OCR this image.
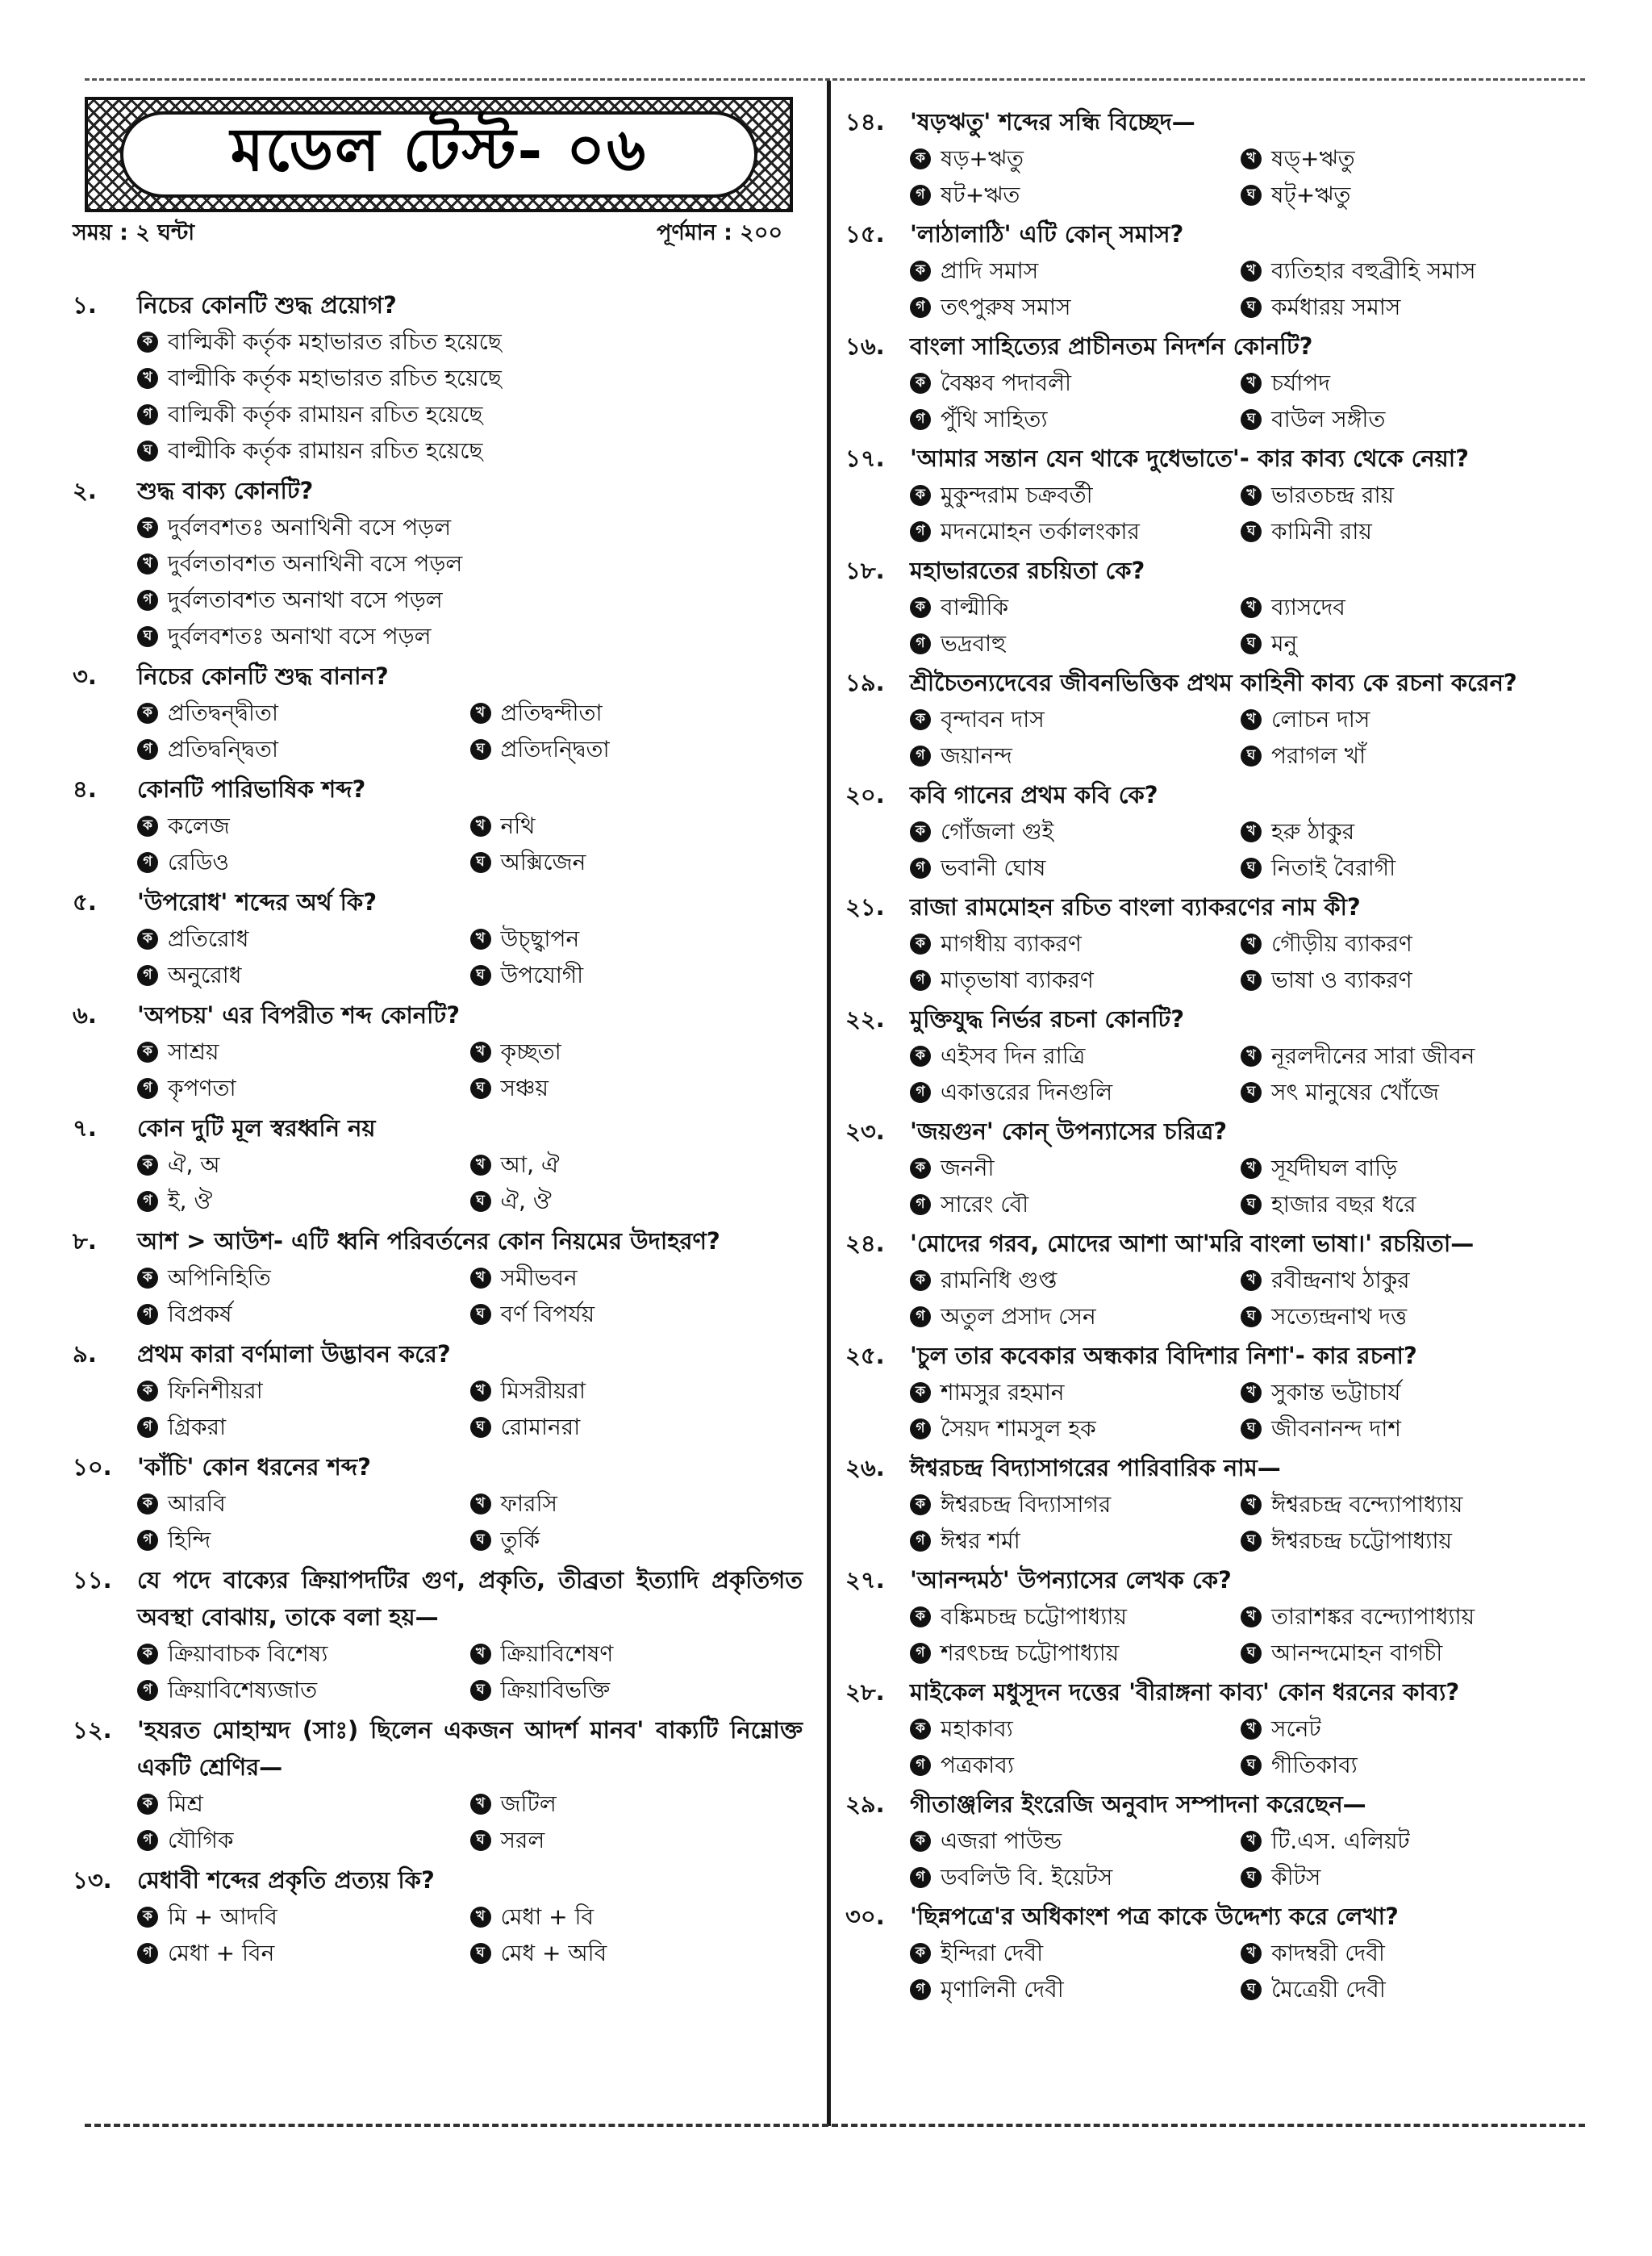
মডেল টেস্ট- ০৬
সময় : ২ ঘন্টা	পূর্ণমান : ২০০
১.	নিচের কোনটি শুদ্ধ প্রয়োগ?
ক বাল্মিকী কর্তৃক মহাভারত রচিত হয়েছে
খ বাল্মীকি কর্তৃক মহাভারত রচিত হয়েছে
গ বাল্মিকী কর্তৃক রামায়ন রচিত হয়েছে
ঘ বাল্মীকি কর্তৃক রামায়ন রচিত হয়েছে
২.	শুদ্ধ বাক্য কোনটি?
ক দুর্বলবশতঃ অনাথিনী বসে পড়ল
খ দুর্বলতাবশত অনাথিনী বসে পড়ল
গ দুর্বলতাবশত অনাথা বসে পড়ল
ঘ দুর্বলবশতঃ অনাথা বসে পড়ল
৩.	নিচের কোনটি শুদ্ধ বানান?
ক প্রতিদ্বন্দ্বীতা	খ প্রতিদ্বন্দীতা
গ প্রতিদ্বন্দ্বিতা	ঘ প্রতিদন্দ্বিতা
৪.	কোনটি পারিভাষিক শব্দ?
ক কলেজ	খ নথি
গ রেডিও	ঘ অক্সিজেন
৫.	'উপরোধ' শব্দের অর্থ কি?
ক প্রতিরোধ	খ উচ্ছ্বাপন
গ অনুরোধ	ঘ উপযোগী
৬.	'অপচয়' এর বিপরীত শব্দ কোনটি?
ক সাশ্রয়	খ কৃচ্ছতা
গ কৃপণতা	ঘ সঞ্চয়
৭.	কোন দুটি মূল স্বরধ্বনি নয়
ক ঐ, অ	খ আ, ঐ
গ ই, ঔ	ঘ ঐ, ঔ
৮.	আশ > আউশ- এটি ধ্বনি পরিবর্তনের কোন নিয়মের উদাহরণ?
ক অপিনিহিতি	খ সমীভবন
গ বিপ্রকর্ষ	ঘ বর্ণ বিপর্যয়
৯.	প্রথম কারা বর্ণমালা উদ্ভাবন করে?
ক ফিনিশীয়রা	খ মিসরীয়রা
গ গ্রিকরা	ঘ রোমানরা
১০.	'কাঁচি' কোন ধরনের শব্দ?
ক আরবি	খ ফারসি
গ হিন্দি	ঘ তুর্কি
১১.	যে পদে বাক্যের ক্রিয়াপদটির গুণ, প্রকৃতি, তীব্রতা ইত্যাদি প্রকৃতিগত অবস্থা বোঝায়, তাকে বলা হয়—
ক ক্রিয়াবাচক বিশেষ্য	খ ক্রিয়াবিশেষণ
গ ক্রিয়াবিশেষ্যজাত	ঘ ক্রিয়াবিভক্তি
১২.	'হযরত মোহাম্মদ (সাঃ) ছিলেন একজন আদর্শ মানব' বাক্যটি নিম্নোক্ত একটি শ্রেণির—
ক মিশ্র	খ জটিল
গ যৌগিক	ঘ সরল
১৩.	মেধাবী শব্দের প্রকৃতি প্রত্যয় কি?
ক মি + আদবি	খ মেধা + বি
গ মেধা + বিন	ঘ মেধ + অবি
১৪.	'ষড়ঋতু' শব্দের সন্ধি বিচ্ছেদ—
ক ষড়+ঋতু	খ ষড্+ঋতু
গ ষট+ঋত	ঘ ষট্+ঋতু
১৫.	'লাঠালাঠি' এটি কোন্ সমাস?
ক প্রাদি সমাস	খ ব্যতিহার বহুব্রীহি সমাস
গ তৎপুরুষ সমাস	ঘ কর্মধারয় সমাস
১৬.	বাংলা সাহিত্যের প্রাচীনতম নিদর্শন কোনটি?
ক বৈষ্ণব পদাবলী	খ চর্যাপদ
গ পুঁথি সাহিত্য	ঘ বাউল সঙ্গীত
১৭.	'আমার সন্তান যেন থাকে দুধেভাতে'- কার কাব্য থেকে নেয়া?
ক মুকুন্দরাম চক্রবর্তী	খ ভারতচন্দ্র রায়
গ মদনমোহন তর্কালংকার	ঘ কামিনী রায়
১৮.	মহাভারতের রচয়িতা কে?
ক বাল্মীকি	খ ব্যাসদেব
গ ভদ্রবাহু	ঘ মনু
১৯.	শ্রীচৈতন্যদেবের জীবনভিত্তিক প্রথম কাহিনী কাব্য কে রচনা করেন?
ক বৃন্দাবন দাস	খ লোচন দাস
গ জয়ানন্দ	ঘ পরাগল খাঁ
২০.	কবি গানের প্রথম কবি কে?
ক গোঁজলা গুই	খ হরু ঠাকুর
গ ভবানী ঘোষ	ঘ নিতাই বৈরাগী
২১.	রাজা রামমোহন রচিত বাংলা ব্যাকরণের নাম কী?
ক মাগধীয় ব্যাকরণ	খ গৌড়ীয় ব্যাকরণ
গ মাতৃভাষা ব্যাকরণ	ঘ ভাষা ও ব্যাকরণ
২২.	মুক্তিযুদ্ধ নির্ভর রচনা কোনটি?
ক এইসব দিন রাত্রি	খ নূরলদীনের সারা জীবন
গ একাত্তরের দিনগুলি	ঘ সৎ মানুষের খোঁজে
২৩.	'জয়গুন' কোন্ উপন্যাসের চরিত্র?
ক জননী	খ সূর্যদীঘল বাড়ি
গ সারেং বৌ	ঘ হাজার বছর ধরে
২৪.	'মোদের গরব, মোদের আশা আ'মরি বাংলা ভাষা।' রচয়িতা—
ক রামনিধি গুপ্ত	খ রবীন্দ্রনাথ ঠাকুর
গ অতুল প্রসাদ সেন	ঘ সত্যেন্দ্রনাথ দত্ত
২৫.	'চুল তার কবেকার অন্ধকার বিদিশার নিশা'- কার রচনা?
ক শামসুর রহমান	খ সুকান্ত ভট্টাচার্য
গ সৈয়দ শামসুল হক	ঘ জীবনানন্দ দাশ
২৬.	ঈশ্বরচন্দ্র বিদ্যাসাগরের পারিবারিক নাম—
ক ঈশ্বরচন্দ্র বিদ্যাসাগর	খ ঈশ্বরচন্দ্র বন্দ্যোপাধ্যায়
গ ঈশ্বর শর্মা	ঘ ঈশ্বরচন্দ্র চট্টোপাধ্যায়
২৭.	'আনন্দমঠ' উপন্যাসের লেখক কে?
ক বঙ্কিমচন্দ্র চট্টোপাধ্যায়	খ তারাশঙ্কর বন্দ্যোপাধ্যায়
গ শরৎচন্দ্র চট্টোপাধ্যায়	ঘ আনন্দমোহন বাগচী
২৮.	মাইকেল মধুসূদন দত্তের 'বীরাঙ্গনা কাব্য' কোন ধরনের কাব্য?
ক মহাকাব্য	খ সনেট
গ পত্রকাব্য	ঘ গীতিকাব্য
২৯.	গীতাঞ্জলির ইংরেজি অনুবাদ সম্পাদনা করেছেন—
ক এজরা পাউন্ড	খ টি.এস. এলিয়ট
গ ডবলিউ বি. ইয়েটস	ঘ কীটস
৩০.	'ছিন্নপত্রে'র অধিকাংশ পত্র কাকে উদ্দেশ্য করে লেখা?
ক ইন্দিরা দেবী	খ কাদম্বরী দেবী
গ মৃণালিনী দেবী	ঘ মৈত্রেয়ী দেবী
